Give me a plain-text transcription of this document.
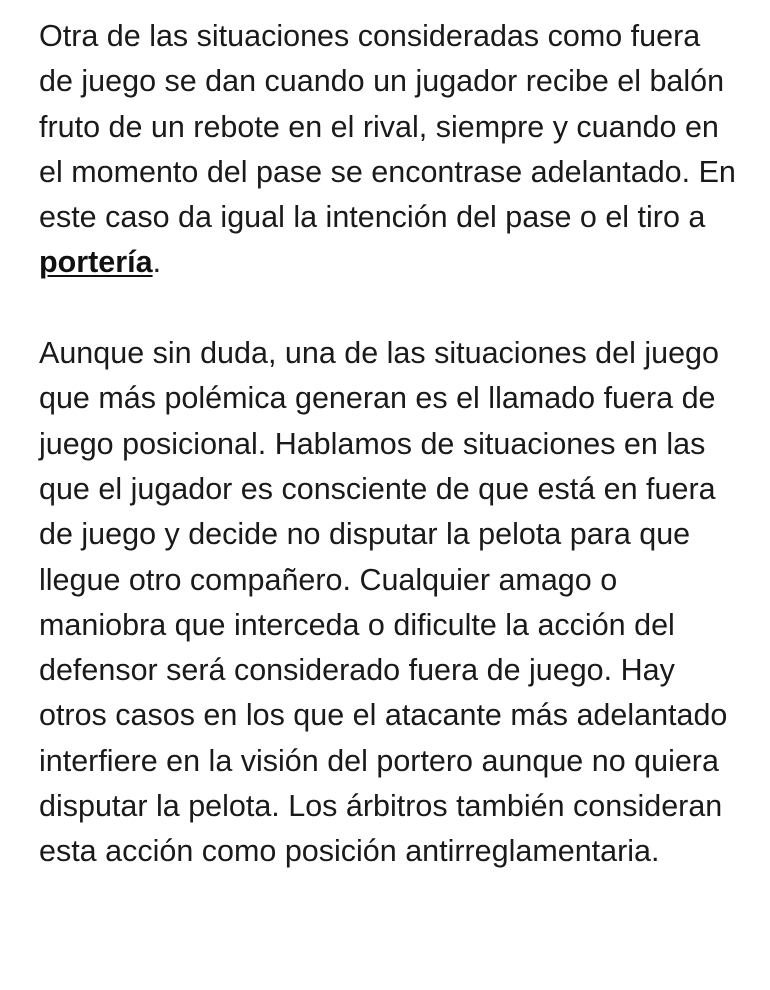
Otra de las situaciones consideradas como fuera de juego se dan cuando un jugador recibe el balón fruto de un rebote en el rival, siempre y cuando en el momento del pase se encontrase adelantado. En este caso da igual la intención del pase o el tiro a portería.

Aunque sin duda, una de las situaciones del juego que más polémica generan es el llamado fuera de juego posicional. Hablamos de situaciones en las que el jugador es consciente de que está en fuera de juego y decide no disputar la pelota para que llegue otro compañero. Cualquier amago o maniobra que interceda o dificulte la acción del defensor será considerado fuera de juego. Hay otros casos en los que el atacante más adelantado interfiere en la visión del portero aunque no quiera disputar la pelota. Los árbitros también consideran esta acción como posición antirreglamentaria.
